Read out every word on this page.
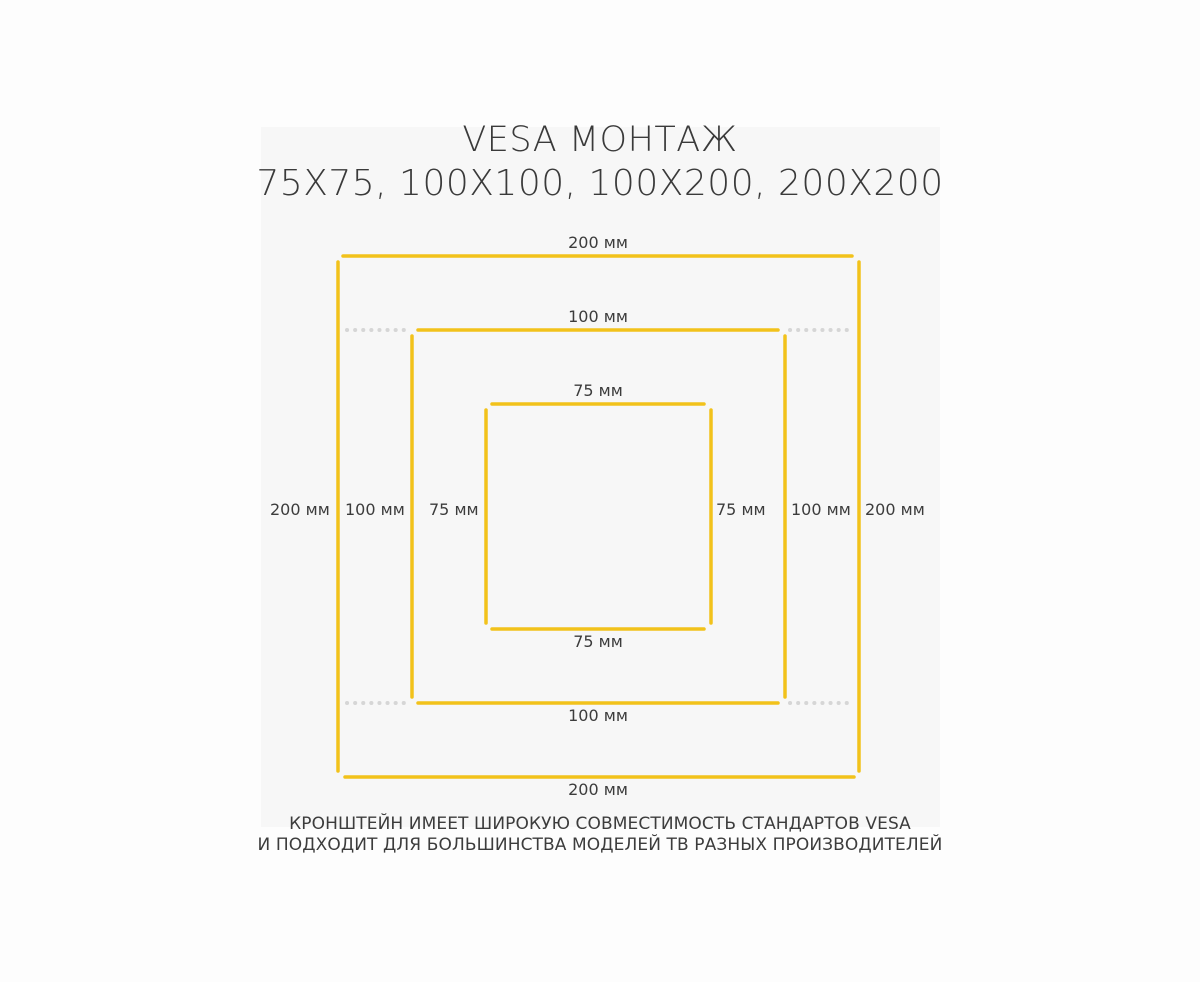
VESA МОНТАЖ
75X75, 100X100, 100X200, 200X200
200 мм
200 мм
200 мм	200 мм
100 мм
100 мм
100 мм	100 мм
75 мм
75 мм
75 мм	75 мм
КРОНШТЕЙН ИМЕЕТ ШИРОКУЮ СОВМЕСТИМОСТЬ СТАНДАРТОВ VESA
И ПОДХОДИТ ДЛЯ БОЛЬШИНСТВА МОДЕЛЕЙ ТВ РАЗНЫХ ПРОИЗВОДИТЕЛЕЙ
